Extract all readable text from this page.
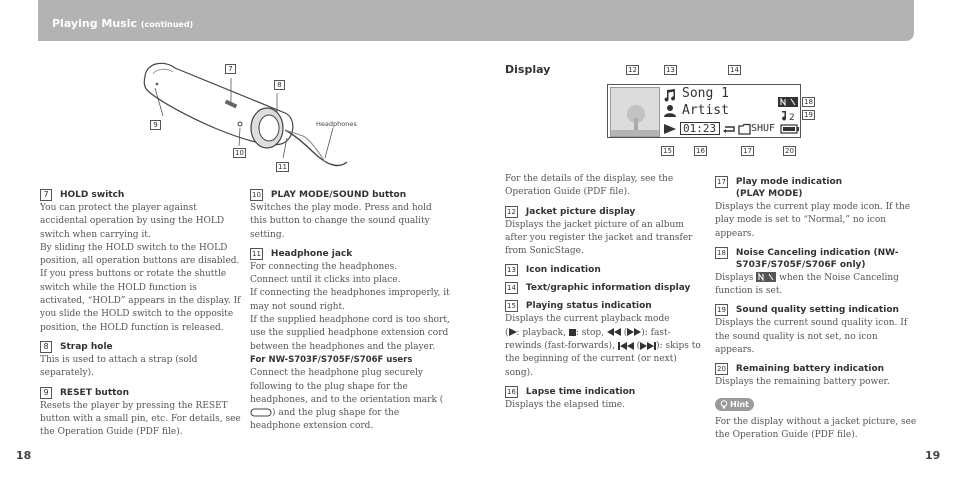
Playing Music (continued)
7
8
9
10
11
Headphones
7	HOLD switch

You can protect the player against accidental operation by using the HOLD switch when carrying it.

By sliding the HOLD switch to the HOLD position, all operation buttons are disabled. If you press buttons or rotate the shuttle switch while the HOLD function is activated, “HOLD” appears in the display. If you slide the HOLD switch to the opposite position, the HOLD function is released.

8	Strap hole

This is used to attach a strap (sold separately).

9	RESET button

Resets the player by pressing the RESET button with a small pin, etc. For details, see the Operation Guide (PDF file).

10 PLAY MODE/SOUND button

Switches the play mode. Press and hold this button to change the sound quality setting.

11 Headphone jack

For connecting the headphones.

Connect until it clicks into place.

If connecting the headphones improperly, it may not sound right.

If the supplied headphone cord is too short, use the supplied headphone extension cord between the headphones and the player.

For NW-S703F/S705F/S706F users

Connect the headphone plug securely following to the plug shape for the headphones, and to the orientation mark () and the plug shape for the headphone extension cord.

Display
Song 1
Artist	2
01:23	SHUF
12	13	14
18
19
15	16	17	20

For the details of the display, see the Operation Guide (PDF file).

12 Jacket picture display

Displays the jacket picture of an album after you register the jacket and transfer from SonicStage.

13 Icon indication
14 Text/graphic information display
15 Playing status indication

Displays the current playback mode

( : playback, : stop,  ( ): fast-rewinds (fast-forwards),  ( ): skips to the beginning of the current (or next) song).

16 Lapse time indication

Displays the elapsed time.

17 Play mode indication
(PLAY MODE)

Displays the current play mode icon. If the play mode is set to “Normal,” no icon appears.

18 Noise Canceling indication (NW-S703F/S705F/S706F only)

Displays  when the Noise Canceling function is set.

19 Sound quality setting indication

Displays the current sound quality icon. If the sound quality is not set, no icon appears.

20 Remaining battery indication

Displays the remaining battery power.

Hint

For the display without a jacket picture, see the Operation Guide (PDF file).

18	19
